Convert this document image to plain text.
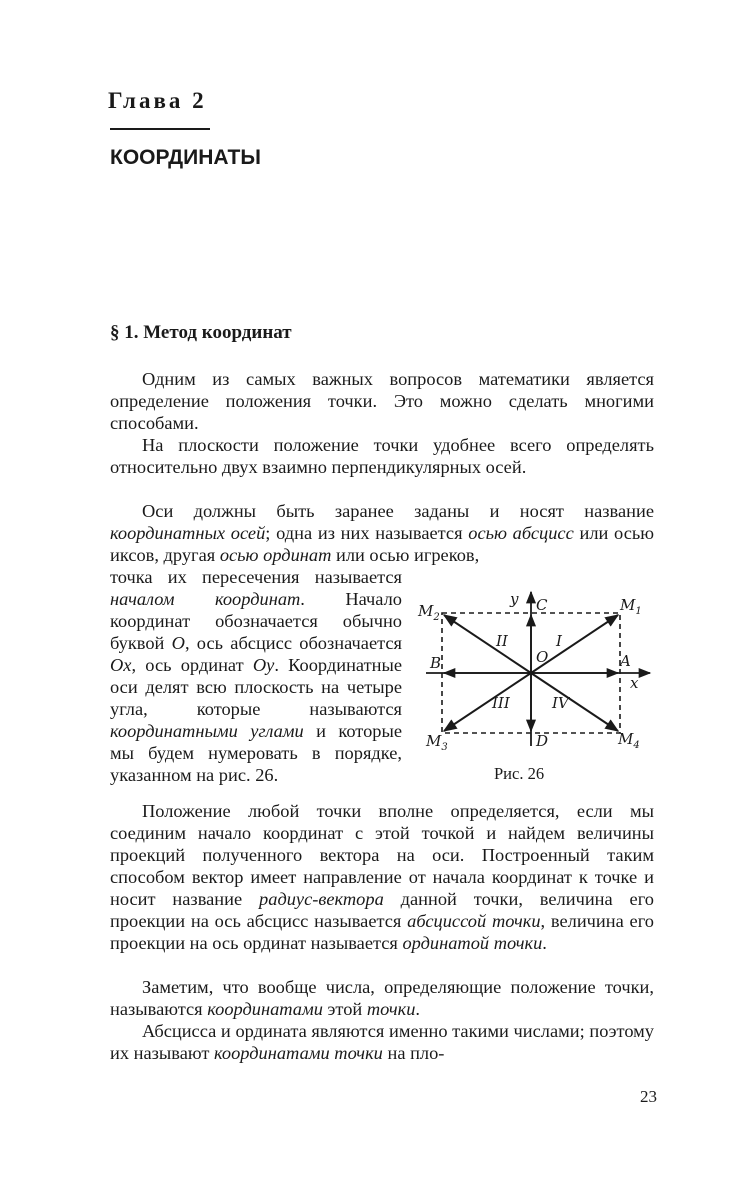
Глава 2
КООРДИНАТЫ
§ 1. Метод координат

Одним из самых важных вопросов математики является определение положения точки. Это можно сделать многими способами.

На плоскости положение точки удобнее всего определять относительно двух взаимно перпендикулярных осей.

Оси должны быть заранее заданы и носят название координатных осей; одна из них называется осью абсцисс или осью иксов, другая осью ординат или осью игреков,

точка их пересечения называется началом координат. Начало координат обозначается обычно буквой O, ось абсцисс обозначается Ox, ось ординат Oy. Координатные оси делят всю плоскость на четыре угла, которые называются координатными углами и которые мы будем нумеровать в порядке, указанном на рис. 26.

y C
D
B	A
O
x
$M_2$
$M_1$
$M_3$	$M_4$
II	I
III	IV
Рис. 26

Положение любой точки вполне определяется, если мы соединим начало координат с этой точкой и найдем величины проекций полученного вектора на оси. Построенный таким способом вектор имеет направление от начала координат к точке и носит название радиус-вектора данной точки, величина его проекции на ось абсцисс называется абсциссой точки, величина его проекции на ось ординат называется ординатой точки.

Заметим, что вообще числа, определяющие положение точки, называются координатами этой точки.

Абсцисса и ордината являются именно такими числами; поэтому их называют координатами точки на пло-

23
